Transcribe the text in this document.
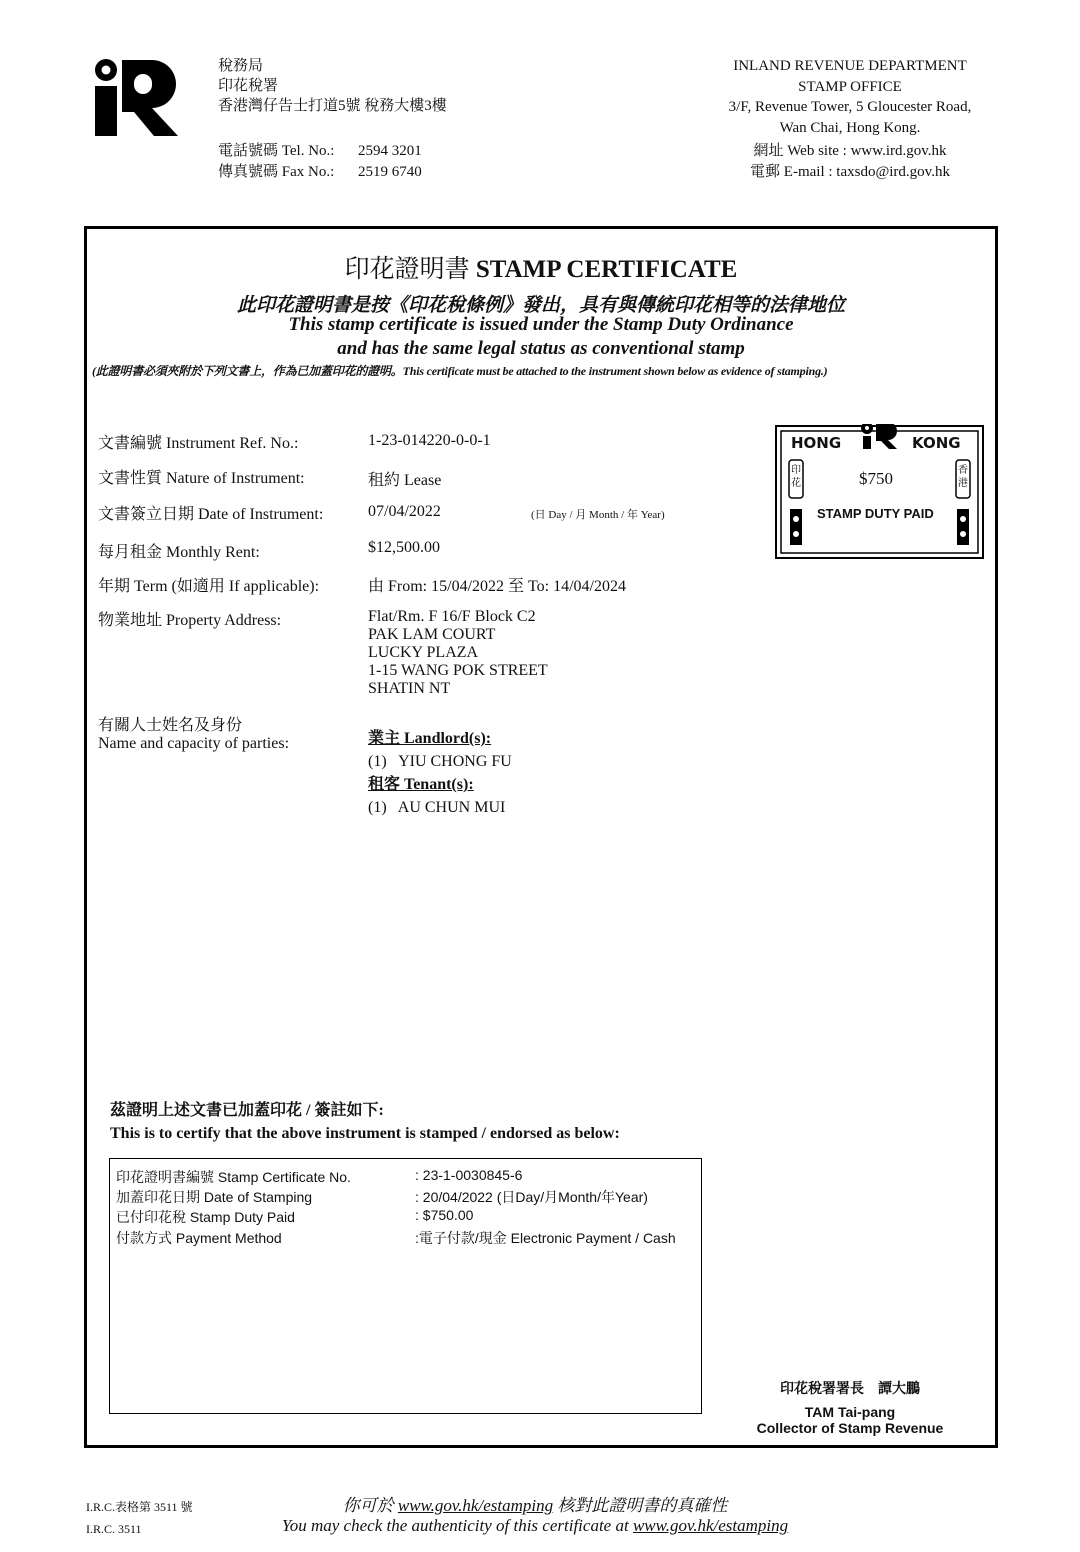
稅務局
印花稅署
香港灣仔告士打道5號 稅務大樓3樓
電話號碼 Tel. No.: 2594 3201
傳真號碼 Fax No.: 2519 6740
INLAND REVENUE DEPARTMENT
STAMP OFFICE
3/F, Revenue Tower, 5 Gloucester Road,
Wan Chai, Hong Kong.
網址 Web site : www.ird.gov.hk
電郵 E-mail : taxsdo@ird.gov.hk
印花證明書 STAMP CERTIFICATE
此印花證明書是按《印花稅條例》發出，具有與傳統印花相等的法律地位
This stamp certificate is issued under the Stamp Duty Ordinance
and has the same legal status as conventional stamp
(此證明書必須夾附於下列文書上，作為已加蓋印花的證明。This certificate must be attached to the instrument shown below as evidence of stamping.)
文書編號 Instrument Ref. No.:	1-23-014220-0-0-1
文書性質 Nature of Instrument:	租約 Lease
文書簽立日期 Date of Instrument:	07/04/2022	(日 Day / 月 Month / 年 Year)
每月租金 Monthly Rent:	$12,500.00
年期 Term (如適用 If applicable):	由 From: 15/04/2022 至 To: 14/04/2024
物業地址 Property Address:	Flat/Rm. F 16/F Block C2
PAK LAM COURT
LUCKY PLAZA
1-15 WANG POK STREET
SHATIN NT
有關人士姓名及身份
Name and capacity of parties:	業主 Landlord(s):
(1)   YIU CHONG FU
租客 Tenant(s):
(1)   AU CHUN MUI
HONG	KONG
$750
STAMP DUTY PAID
印花
香港
茲證明上述文書已加蓋印花 / 簽註如下:
This is to certify that the above instrument is stamped / endorsed as below:
印花證明書編號 Stamp Certificate No.	: 23-1-0030845-6
加蓋印花日期 Date of Stamping	: 20/04/2022 (日Day/月Month/年Year)
已付印花稅 Stamp Duty Paid	: $750.00
付款方式 Payment Method	:電子付款/現金 Electronic Payment / Cash
印花稅署署長　譚大鵬
TAM Tai-pang
Collector of Stamp Revenue
I.R.C.表格第 3511 號
I.R.C. 3511
你可於 www.gov.hk/estamping 核對此證明書的真確性
You may check the authenticity of this certificate at www.gov.hk/estamping
